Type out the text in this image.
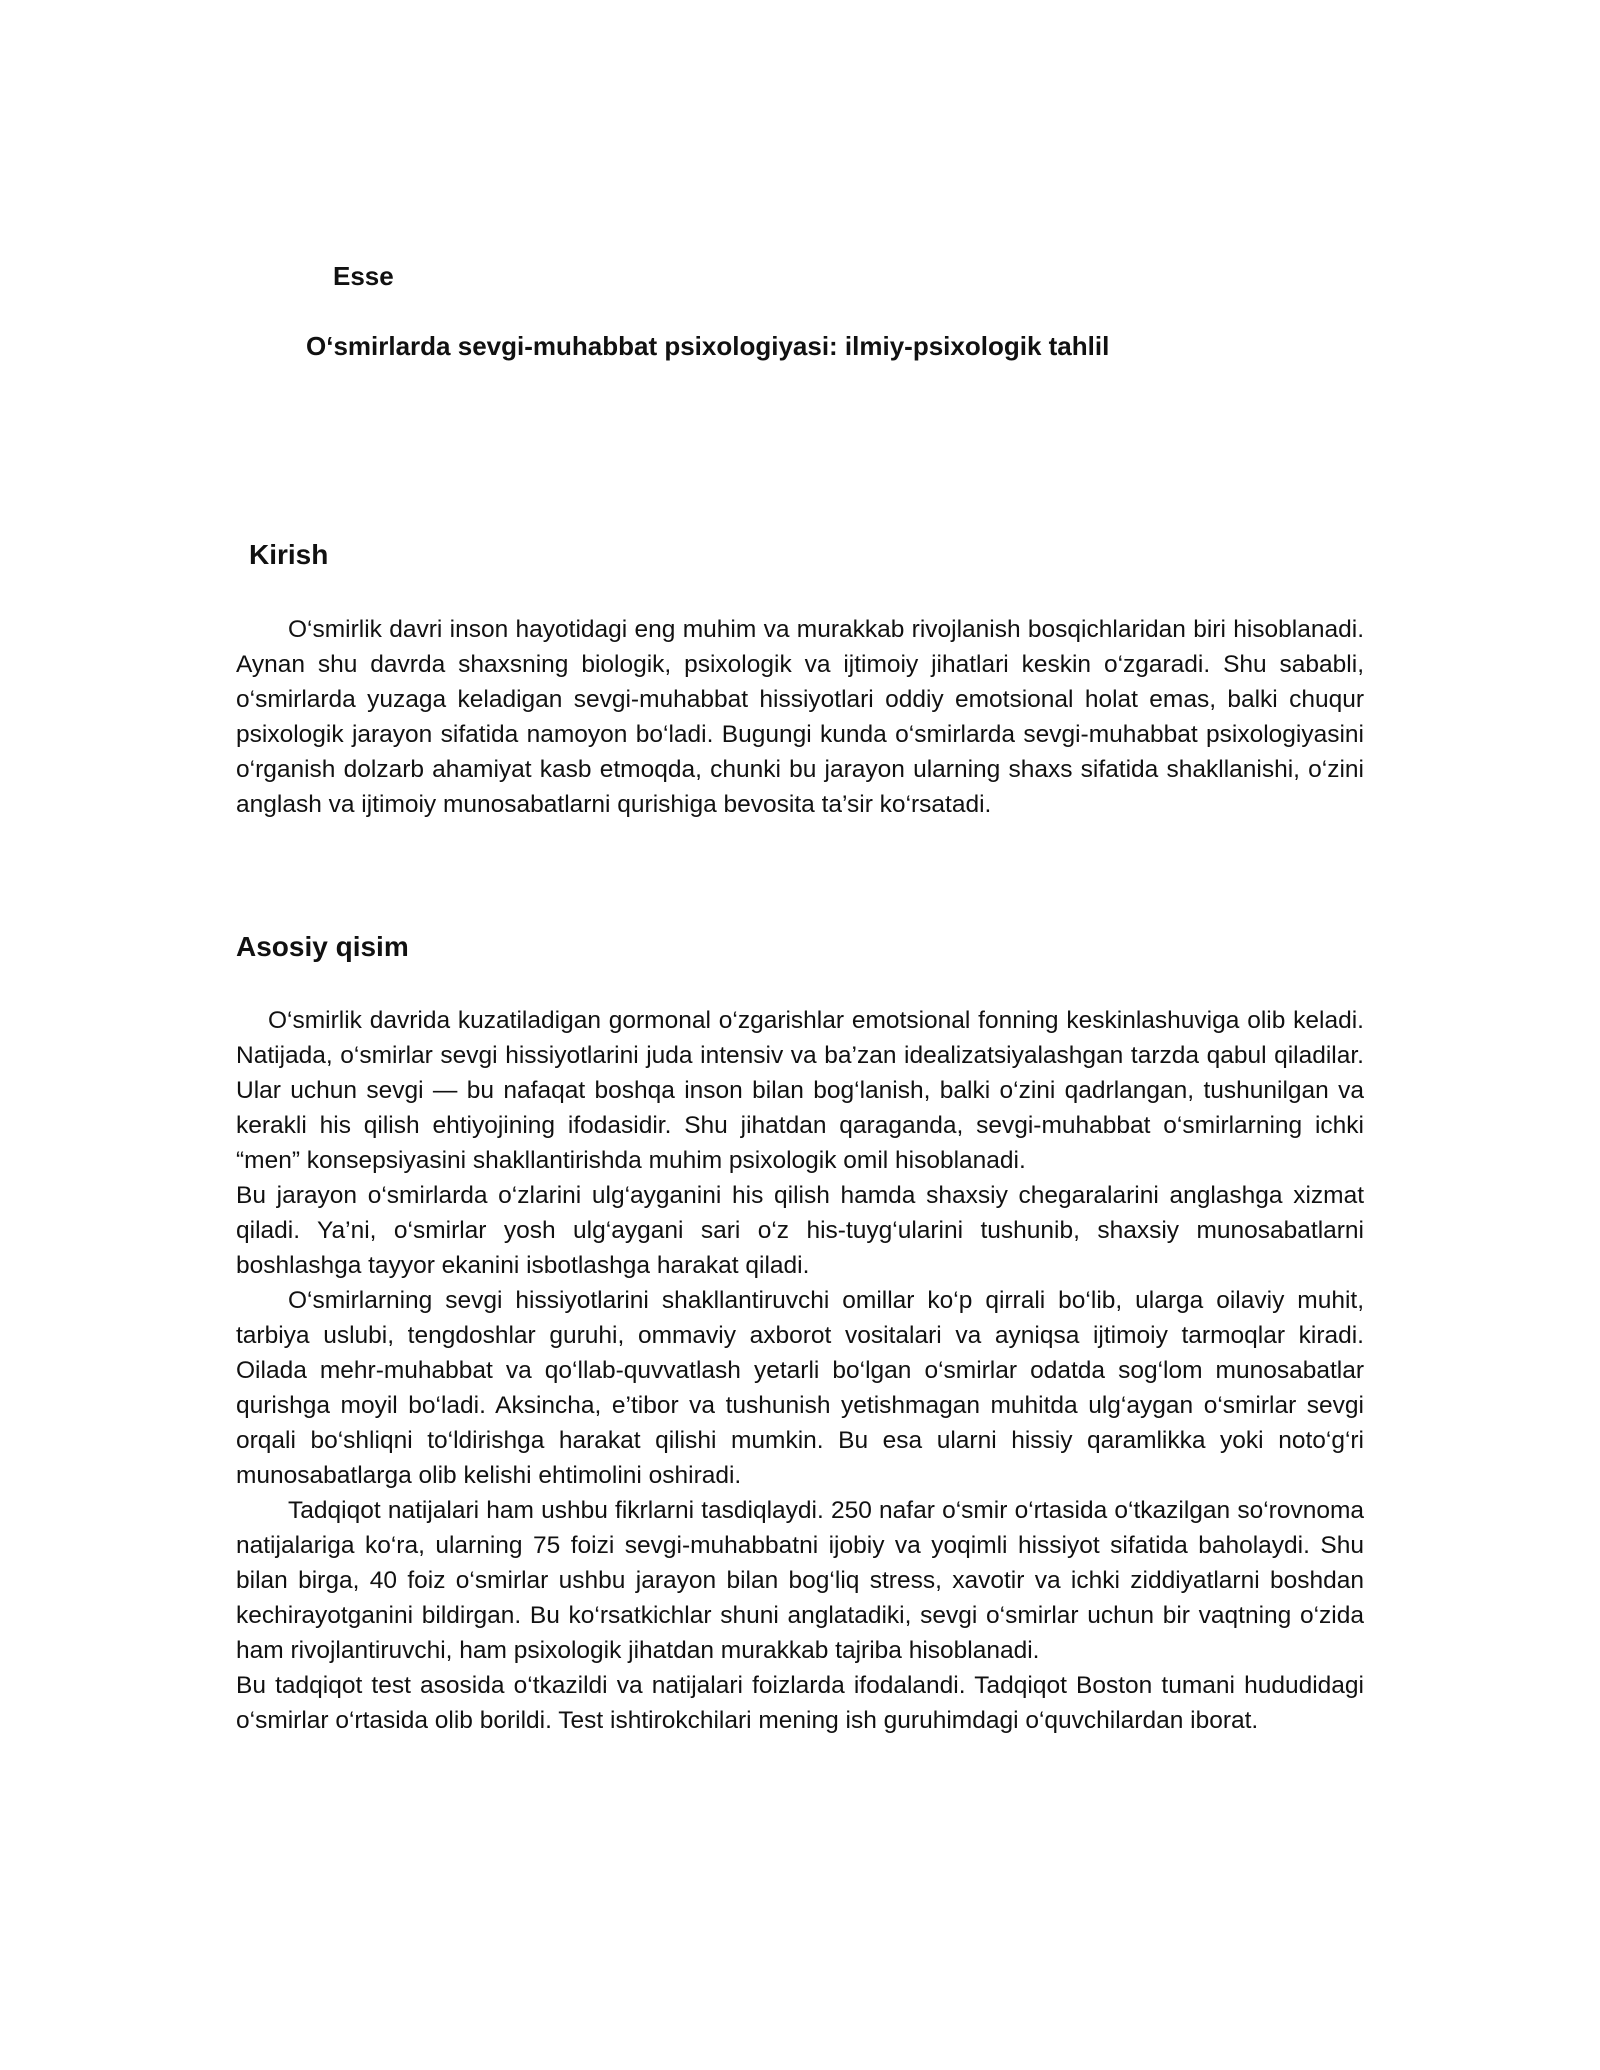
Esse
O‘smirlarda sevgi-muhabbat psixologiyasi: ilmiy-psixologik tahlil
Kirish

O‘smirlik davri inson hayotidagi eng muhim va murakkab rivojlanish bosqichlaridan biri hisoblanadi. Aynan shu davrda shaxsning biologik, psixologik va ijtimoiy jihatlari keskin o‘zgaradi. Shu sababli, o‘smirlarda yuzaga keladigan sevgi-muhabbat hissiyotlari oddiy emotsional holat emas, balki chuqur psixologik jarayon sifatida namoyon bo‘ladi. Bugungi kunda o‘smirlarda sevgi-muhabbat psixologiyasini o‘rganish dolzarb ahamiyat kasb etmoqda, chunki bu jarayon ularning shaxs sifatida shakllanishi, o‘zini anglash va ijtimoiy munosabatlarni qurishiga bevosita ta’sir ko‘rsatadi.

Asosiy qisim

O‘smirlik davrida kuzatiladigan gormonal o‘zgarishlar emotsional fonning keskinlashuviga olib keladi. Natijada, o‘smirlar sevgi hissiyotlarini juda intensiv va ba’zan idealizatsiyalashgan tarzda qabul qiladilar. Ular uchun sevgi — bu nafaqat boshqa inson bilan bog‘lanish, balki o‘zini qadrlangan, tushunilgan va kerakli his qilish ehtiyojining ifodasidir. Shu jihatdan qaraganda, sevgi-muhabbat o‘smirlarning ichki “men” konsepsiyasini shakllantirishda muhim psixologik omil hisoblanadi.

Bu jarayon o‘smirlarda o‘zlarini ulg‘ayganini his qilish hamda shaxsiy chegaralarini anglashga xizmat qiladi. Ya’ni, o‘smirlar yosh ulg‘aygani sari o‘z his-tuyg‘ularini tushunib, shaxsiy munosabatlarni boshlashga tayyor ekanini isbotlashga harakat qiladi.

O‘smirlarning sevgi hissiyotlarini shakllantiruvchi omillar ko‘p qirrali bo‘lib, ularga oilaviy muhit, tarbiya uslubi, tengdoshlar guruhi, ommaviy axborot vositalari va ayniqsa ijtimoiy tarmoqlar kiradi. Oilada mehr-muhabbat va qo‘llab-quvvatlash yetarli bo‘lgan o‘smirlar odatda sog‘lom munosabatlar qurishga moyil bo‘ladi. Aksincha, e’tibor va tushunish yetishmagan muhitda ulg‘aygan o‘smirlar sevgi orqali bo‘shliqni to‘ldirishga harakat qilishi mumkin. Bu esa ularni hissiy qaramlikka yoki noto‘g‘ri munosabatlarga olib kelishi ehtimolini oshiradi.

Tadqiqot natijalari ham ushbu fikrlarni tasdiqlaydi. 250 nafar o‘smir o‘rtasida o‘tkazilgan so‘rovnoma natijalariga ko‘ra, ularning 75 foizi sevgi-muhabbatni ijobiy va yoqimli hissiyot sifatida baholaydi. Shu bilan birga, 40 foiz o‘smirlar ushbu jarayon bilan bog‘liq stress, xavotir va ichki ziddiyatlarni boshdan kechirayotganini bildirgan. Bu ko‘rsatkichlar shuni anglatadiki, sevgi o‘smirlar uchun bir vaqtning o‘zida ham rivojlantiruvchi, ham psixologik jihatdan murakkab tajriba hisoblanadi.

Bu tadqiqot test asosida o‘tkazildi va natijalari foizlarda ifodalandi. Tadqiqot Boston tumani hududidagi o‘smirlar o‘rtasida olib borildi. Test ishtirokchilari mening ish guruhimdagi o‘quvchilardan iborat.
